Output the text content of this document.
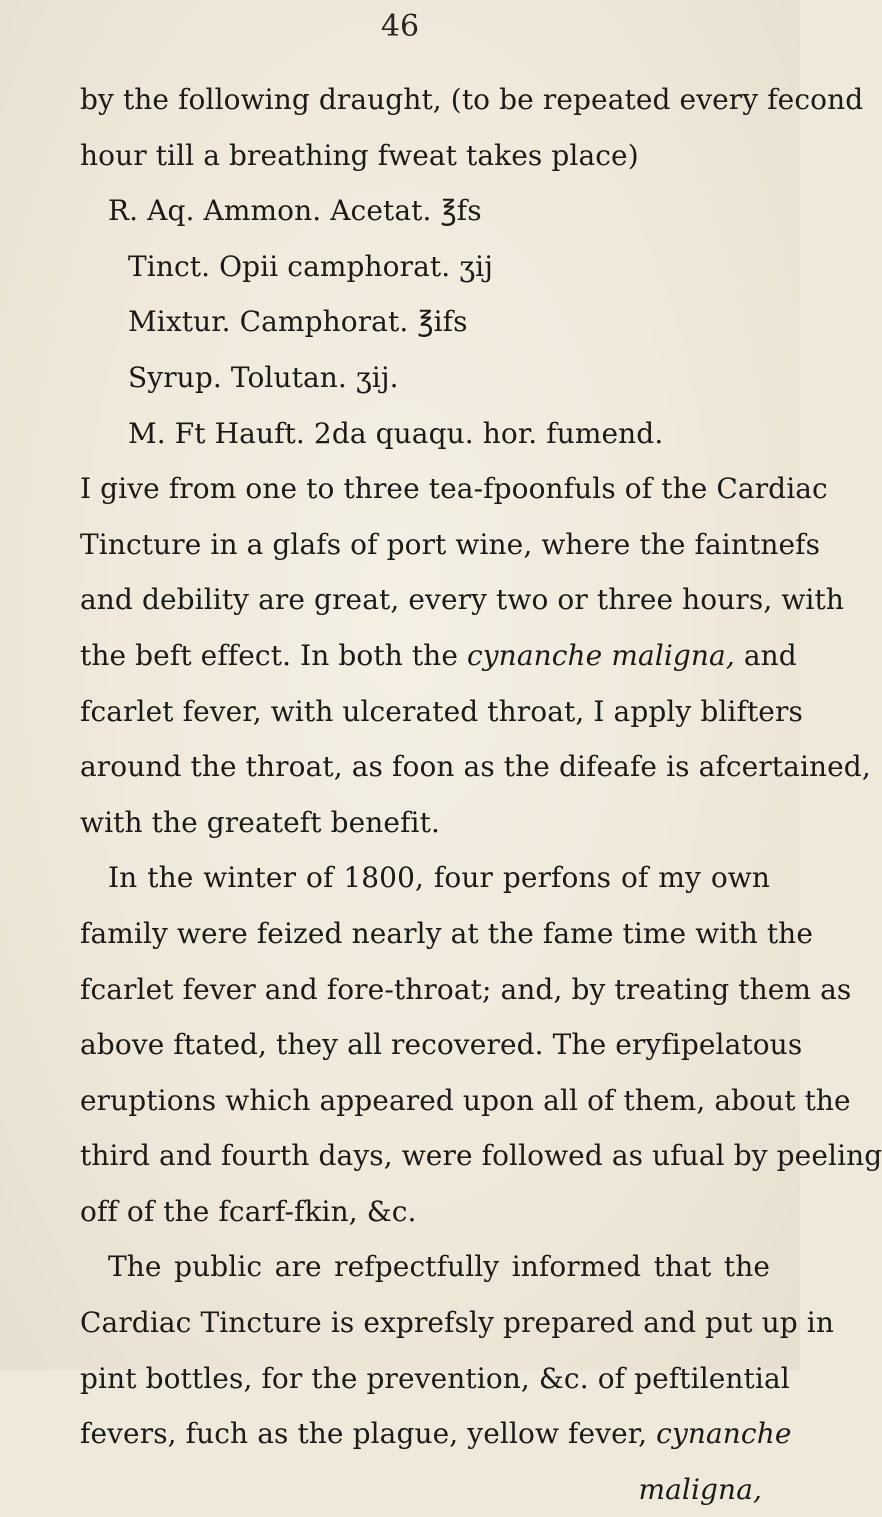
46
by the following draught, (to be repeated every fecond
hour till a breathing fweat takes place)
R. Aq. Ammon. Acetat. ℥fs
Tinct. Opii camphorat. ʒij
Mixtur. Camphorat. ℥ifs
Syrup. Tolutan. ʒij.
M. Ft Hauft. 2da quaqu. hor. fumend.
I give from one to three tea-fpoonfuls of the Cardiac
Tincture in a glafs of port wine, where the faintnefs
and debility are great, every two or three hours, with
the beft effect. In both the cynanche maligna, and
fcarlet fever, with ulcerated throat, I apply blifters
around the throat, as foon as the difeafe is afcertained,
with the greateft benefit.
In the winter of 1800, four perfons of my own
family were feized nearly at the fame time with the
fcarlet fever and fore-throat; and, by treating them as
above ftated, they all recovered. The eryfipelatous
eruptions which appeared upon all of them, about the
third and fourth days, were followed as ufual by peeling
off of the fcarf-fkin, &c.
The public are refpectfully informed that the
Cardiac Tincture is exprefsly prepared and put up in
pint bottles, for the prevention, &c. of peftilential
fevers, fuch as the plague, yellow fever, cynanche
maligna,
